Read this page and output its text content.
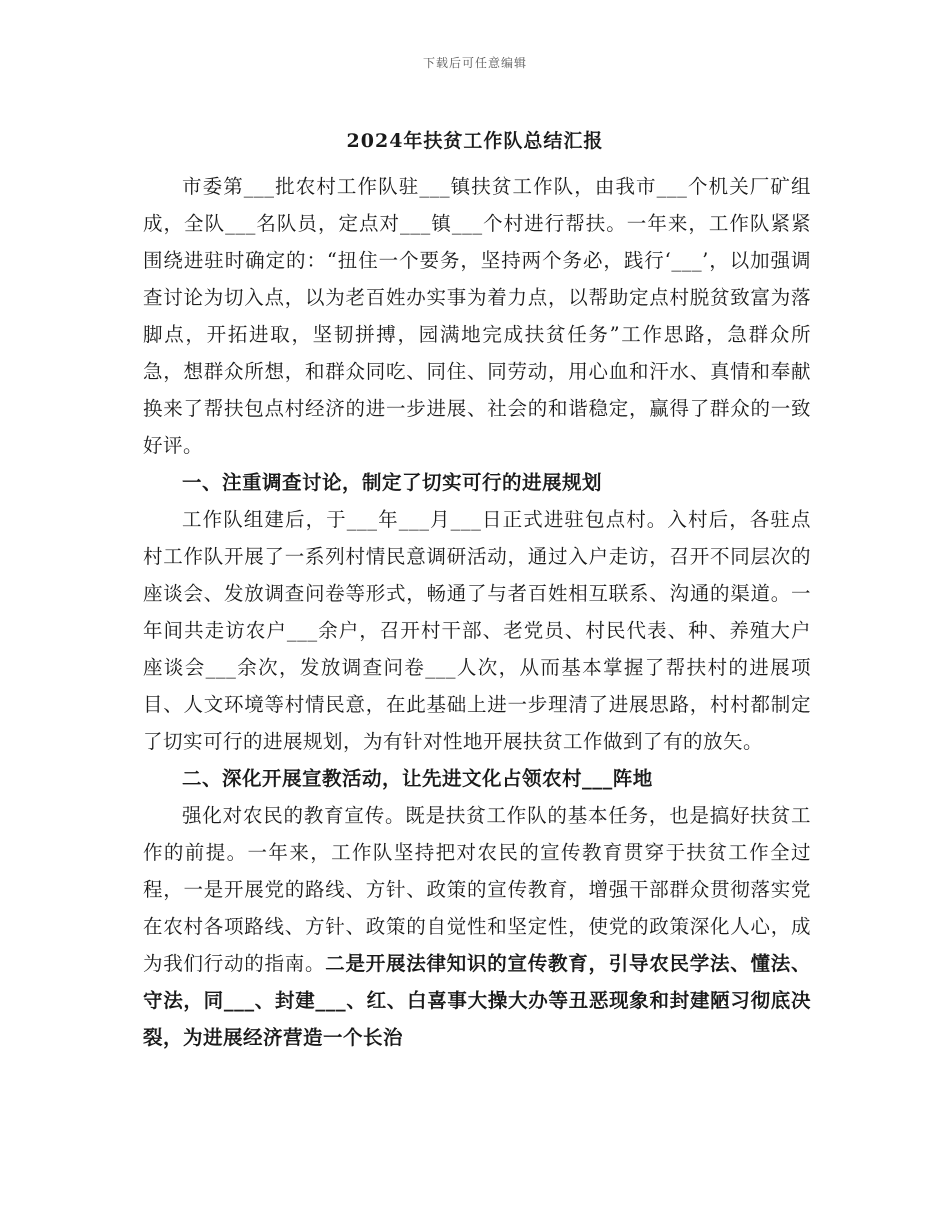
下载后可任意编辑
2024年扶贫工作队总结汇报

市委第___批农村工作队驻___镇扶贫工作队，由我市___个机关厂矿组成，全队___名队员，定点对___镇___个村进行帮扶。一年来，工作队紧紧围绕进驻时确定的：“扭住一个要务，坚持两个务必，践行‘___’，以加强调查讨论为切入点，以为老百姓办实事为着力点，以帮助定点村脱贫致富为落脚点，开拓进取，坚韧拼搏，园满地完成扶贫任务”工作思路，急群众所急，想群众所想，和群众同吃、同住、同劳动，用心血和汗水、真情和奉献换来了帮扶包点村经济的进一步进展、社会的和谐稳定，赢得了群众的一致好评。

一、注重调查讨论，制定了切实可行的进展规划

工作队组建后，于___年___月___日正式进驻包点村。入村后，各驻点村工作队开展了一系列村情民意调研活动，通过入户走访，召开不同层次的座谈会、发放调查问卷等形式，畅通了与者百姓相互联系、沟通的渠道。一年间共走访农户___余户，召开村干部、老党员、村民代表、种、养殖大户座谈会___余次，发放调查问卷___人次，从而基本掌握了帮扶村的进展项目、人文环境等村情民意，在此基础上进一步理清了进展思路，村村都制定了切实可行的进展规划，为有针对性地开展扶贫工作做到了有的放矢。

二、深化开展宣教活动，让先进文化占领农村___阵地

强化对农民的教育宣传。既是扶贫工作队的基本任务，也是搞好扶贫工作的前提。一年来，工作队坚持把对农民的宣传教育贯穿于扶贫工作全过程，一是开展党的路线、方针、政策的宣传教育，增强干部群众贯彻落实党在农村各项路线、方针、政策的自觉性和坚定性，使党的政策深化人心，成为我们行动的指南。二是开展法律知识的宣传教育，引导农民学法、懂法、守法，同___、封建___、红、白喜事大操大办等丑恶现象和封建陋习彻底决裂，为进展经济营造一个长治
